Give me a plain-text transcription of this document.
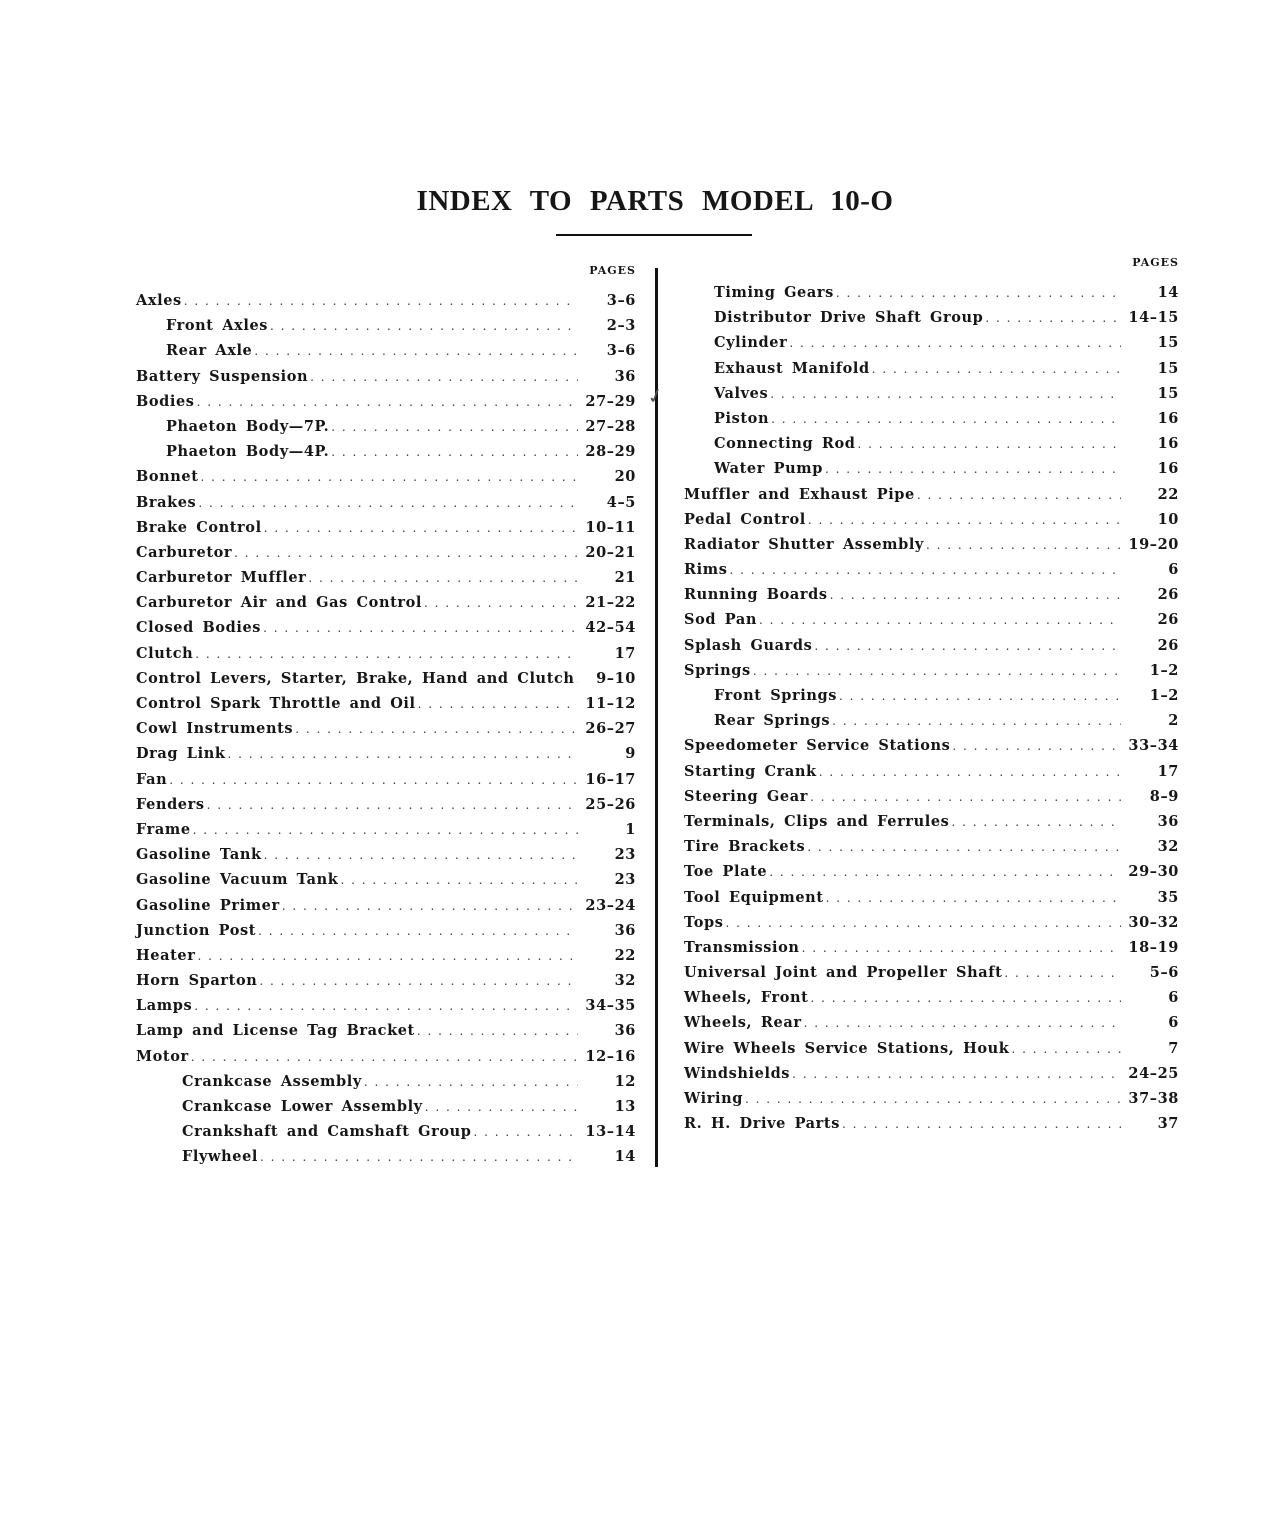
INDEX TO PARTS MODEL 10-O
✓
PAGES
Axles . . .	3–6
Front Axles . . .	2–3
Rear Axle . . .	3–6
Battery Suspension . . .	36
Bodies . . .	27–29
Phaeton Body—7P. . . .	27–28
Phaeton Body—4P. . . .	28–29
Bonnet . . .	20
Brakes . . .	4–5
Brake Control . . .	10–11
Carburetor . . .	20–21
Carburetor Muffler . . .	21
Carburetor Air and Gas Control . . .	21–22
Closed Bodies . . .	42–54
Clutch . . .	17
Control Levers, Starter, Brake, Hand and Clutch . . .	9–10
Control Spark Throttle and Oil . . .	11–12
Cowl Instruments . . .	26–27
Drag Link . . .	9
Fan . . .	16–17
Fenders . . .	25–26
Frame . . .	1
Gasoline Tank . . .	23
Gasoline Vacuum Tank . . .	23
Gasoline Primer . . .	23–24
Junction Post . . .	36
Heater . . .	22
Horn Sparton . . .	32
Lamps . . .	34–35
Lamp and License Tag Bracket . . .	36
Motor . . .	12–16
Crankcase Assembly . . .	12
Crankcase Lower Assembly . . .	13
Crankshaft and Camshaft Group . . .	13–14
Flywheel . . .	14
PAGES
Timing Gears . . .	14
Distributor Drive Shaft Group . . .	14–15
Cylinder . . .	15
Exhaust Manifold . . .	15
Valves . . .	15
Piston . . .	16
Connecting Rod . . .	16
Water Pump . . .	16
Muffler and Exhaust Pipe . . .	22
Pedal Control . . .	10
Radiator Shutter Assembly . . .	19–20
Rims . . .	6
Running Boards . . .	26
Sod Pan . . .	26
Splash Guards . . .	26
Springs . . .	1–2
Front Springs . . .	1–2
Rear Springs . . .	2
Speedometer Service Stations . . .	33–34
Starting Crank . . .	17
Steering Gear . . .	8–9
Terminals, Clips and Ferrules . . .	36
Tire Brackets . . .	32
Toe Plate . . .	29–30
Tool Equipment . . .	35
Tops . . .	30–32
Transmission . . .	18–19
Universal Joint and Propeller Shaft . . .	5–6
Wheels, Front . . .	6
Wheels, Rear . . .	6
Wire Wheels Service Stations, Houk . . .	7
Windshields . . .	24–25
Wiring . . .	37–38
R. H. Drive Parts . . .	37
